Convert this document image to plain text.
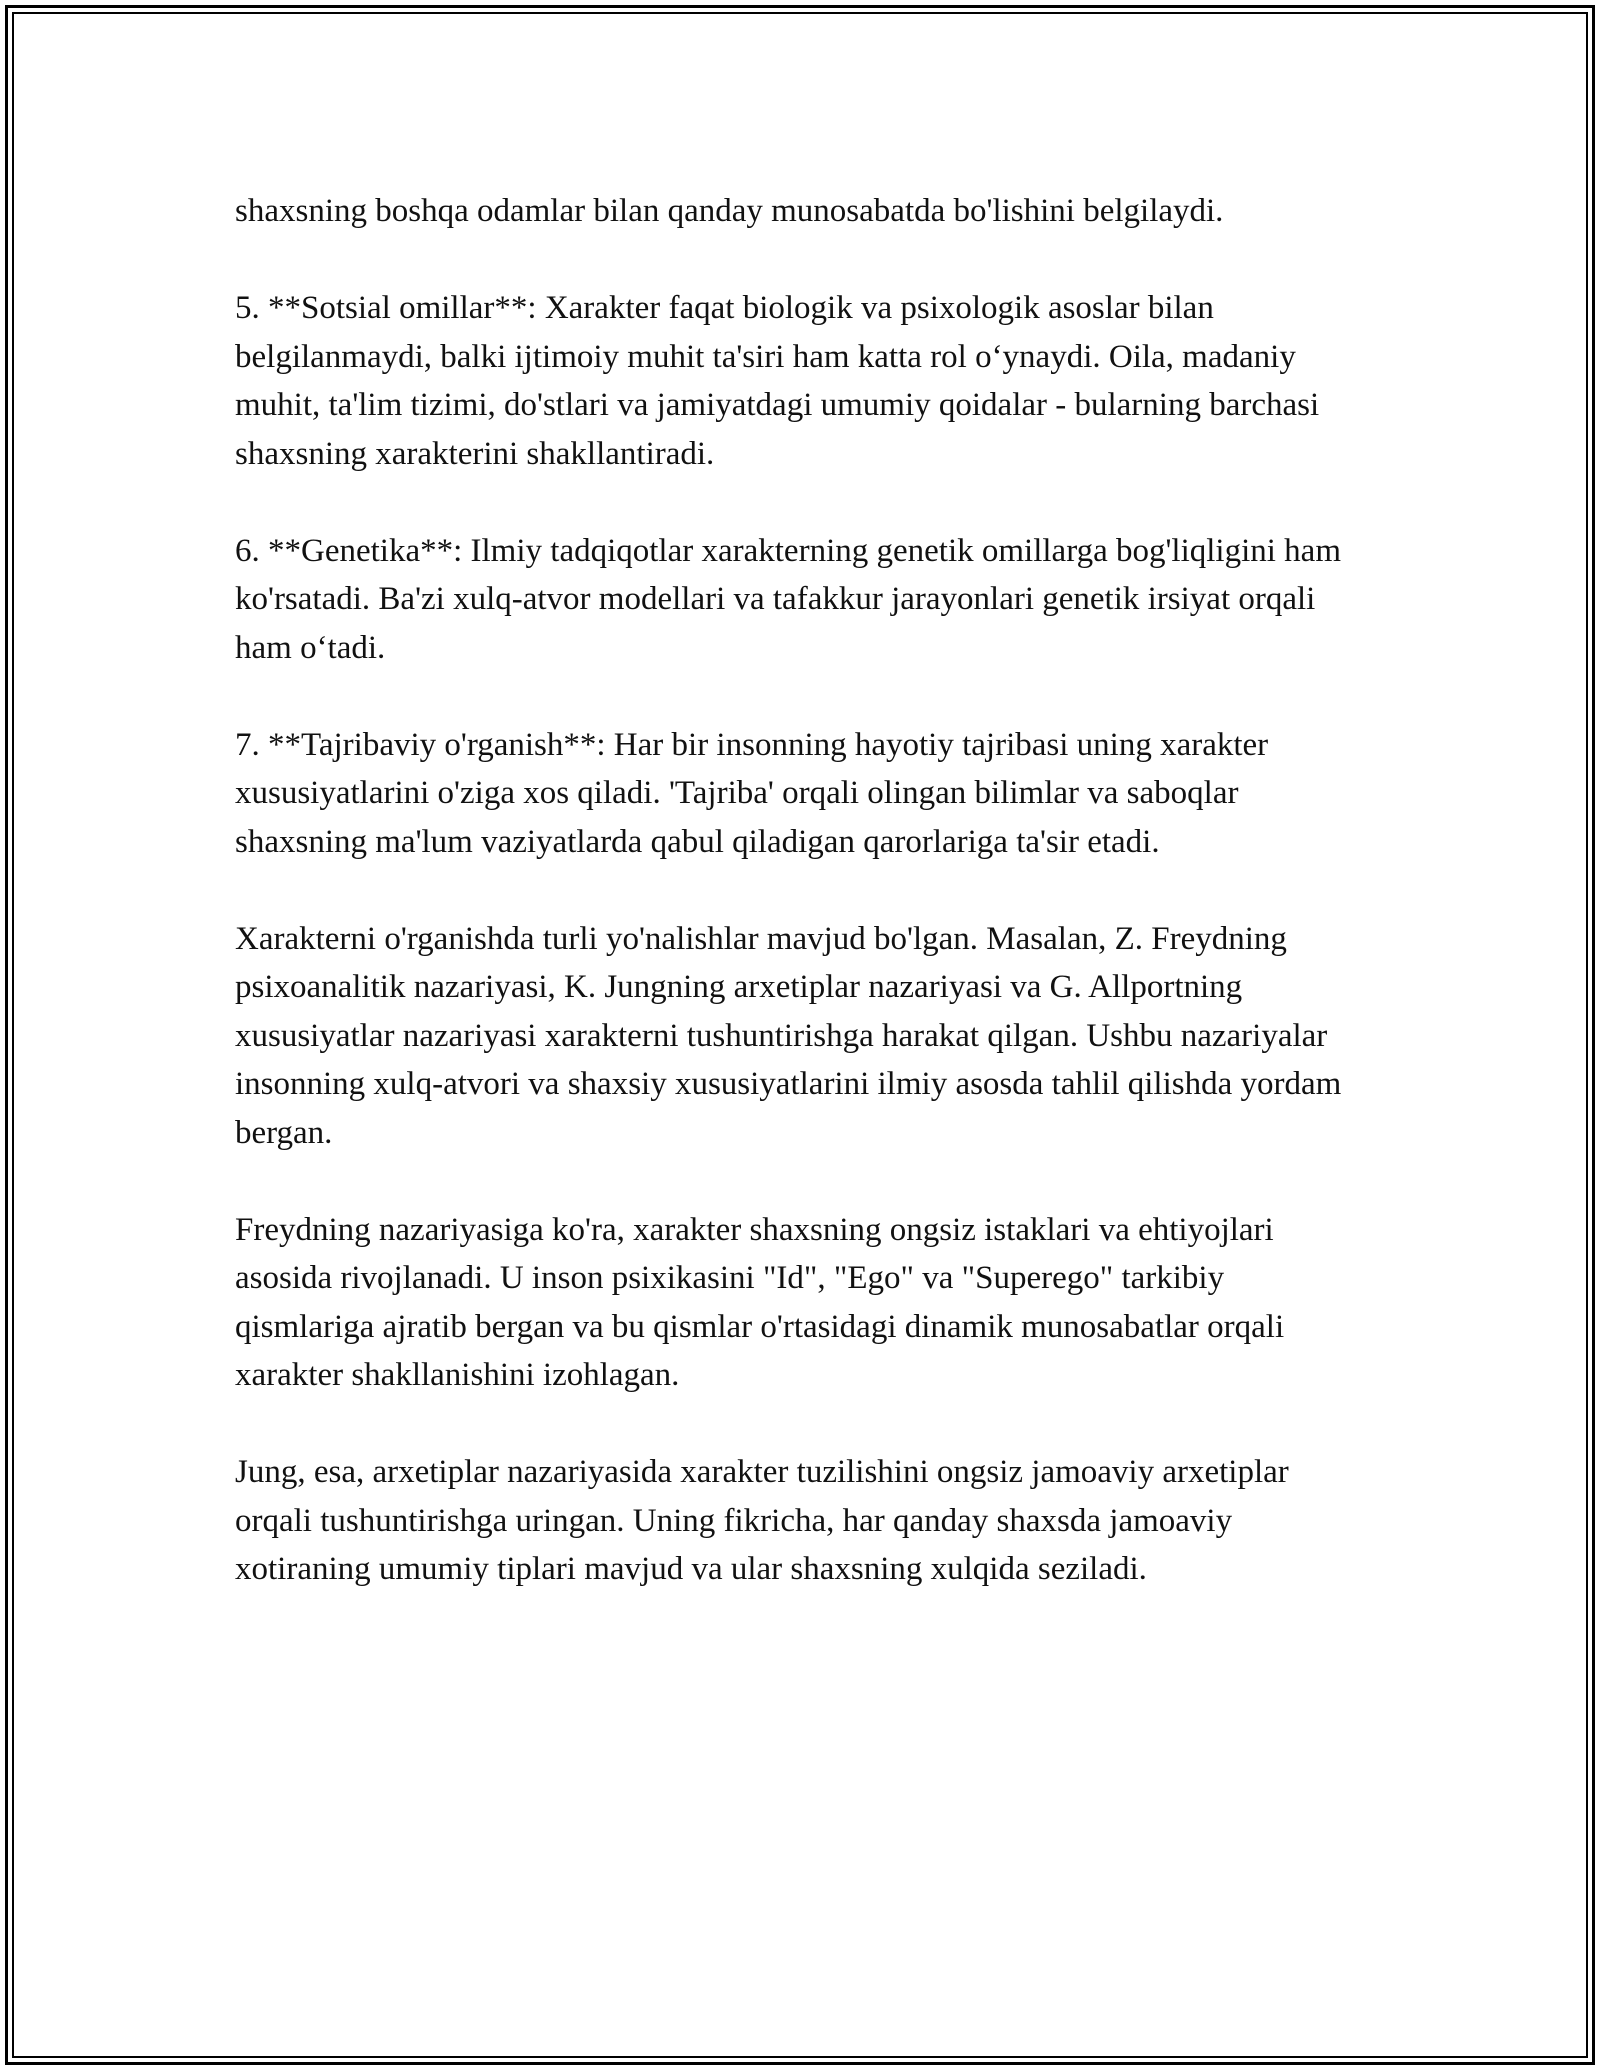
shaxsning boshqa odamlar bilan qanday munosabatda bo'lishini belgilaydi.

5. **Sotsial omillar**: Xarakter faqat biologik va psixologik asoslar bilan belgilanmaydi, balki ijtimoiy muhit ta'siri ham katta rol o‘ynaydi. Oila, madaniy muhit, ta'lim tizimi, do'stlari va jamiyatdagi umumiy qoidalar - bularning barchasi shaxsning xarakterini shakllantiradi.

6. **Genetika**: Ilmiy tadqiqotlar xarakterning genetik omillarga bog'liqligini ham ko'rsatadi. Ba'zi xulq-atvor modellari va tafakkur jarayonlari genetik irsiyat orqali ham o‘tadi.

7. **Tajribaviy o'rganish**: Har bir insonning hayotiy tajribasi uning xarakter xususiyatlarini o'ziga xos qiladi. 'Tajriba' orqali olingan bilimlar va saboqlar shaxsning ma'lum vaziyatlarda qabul qiladigan qarorlariga ta'sir etadi.

Xarakterni o'rganishda turli yo'nalishlar mavjud bo'lgan. Masalan, Z. Freydning psixoanalitik nazariyasi, K. Jungning arxetiplar nazariyasi va G. Allportning xususiyatlar nazariyasi xarakterni tushuntirishga harakat qilgan. Ushbu nazariyalar insonning xulq-atvori va shaxsiy xususiyatlarini ilmiy asosda tahlil qilishda yordam bergan.

Freydning nazariyasiga ko'ra, xarakter shaxsning ongsiz istaklari va ehtiyojlari asosida rivojlanadi. U inson psixikasini "Id", "Ego" va "Superego" tarkibiy qismlariga ajratib bergan va bu qismlar o'rtasidagi dinamik munosabatlar orqali xarakter shakllanishini izohlagan.

Jung, esa, arxetiplar nazariyasida xarakter tuzilishini ongsiz jamoaviy arxetiplar orqali tushuntirishga uringan. Uning fikricha, har qanday shaxsda jamoaviy xotiraning umumiy tiplari mavjud va ular shaxsning xulqida seziladi.
